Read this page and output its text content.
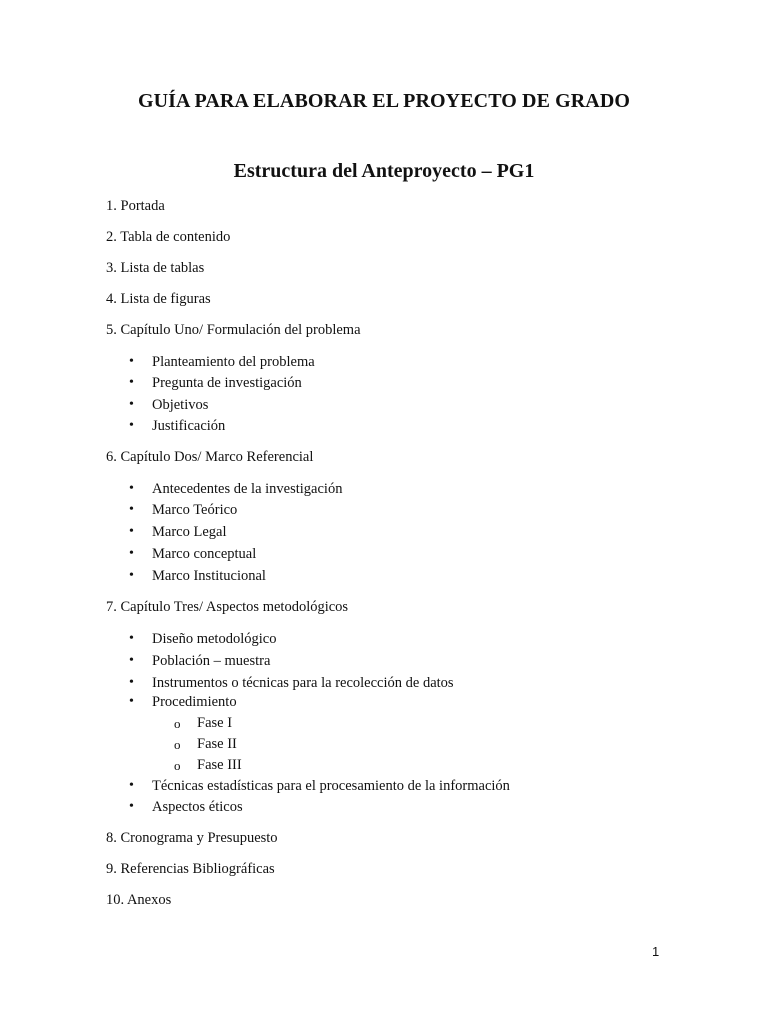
GUÍA PARA ELABORAR EL PROYECTO DE GRADO
Estructura del Anteproyecto – PG1
1. Portada
2. Tabla de contenido
3. Lista de tablas
4. Lista de figuras
5. Capítulo Uno/ Formulación del problema
• Planteamiento del problema
• Pregunta de investigación
• Objetivos
• Justificación
6. Capítulo Dos/ Marco Referencial
• Antecedentes de la investigación
• Marco Teórico
• Marco Legal
• Marco conceptual
• Marco Institucional
7. Capítulo Tres/ Aspectos metodológicos
• Diseño metodológico
• Población – muestra
• Instrumentos o técnicas para la recolección de datos
• Procedimiento
o Fase I
o Fase II
o Fase III
• Técnicas estadísticas para el procesamiento de la información
• Aspectos éticos
8. Cronograma y Presupuesto
9. Referencias Bibliográficas
10. Anexos
1
